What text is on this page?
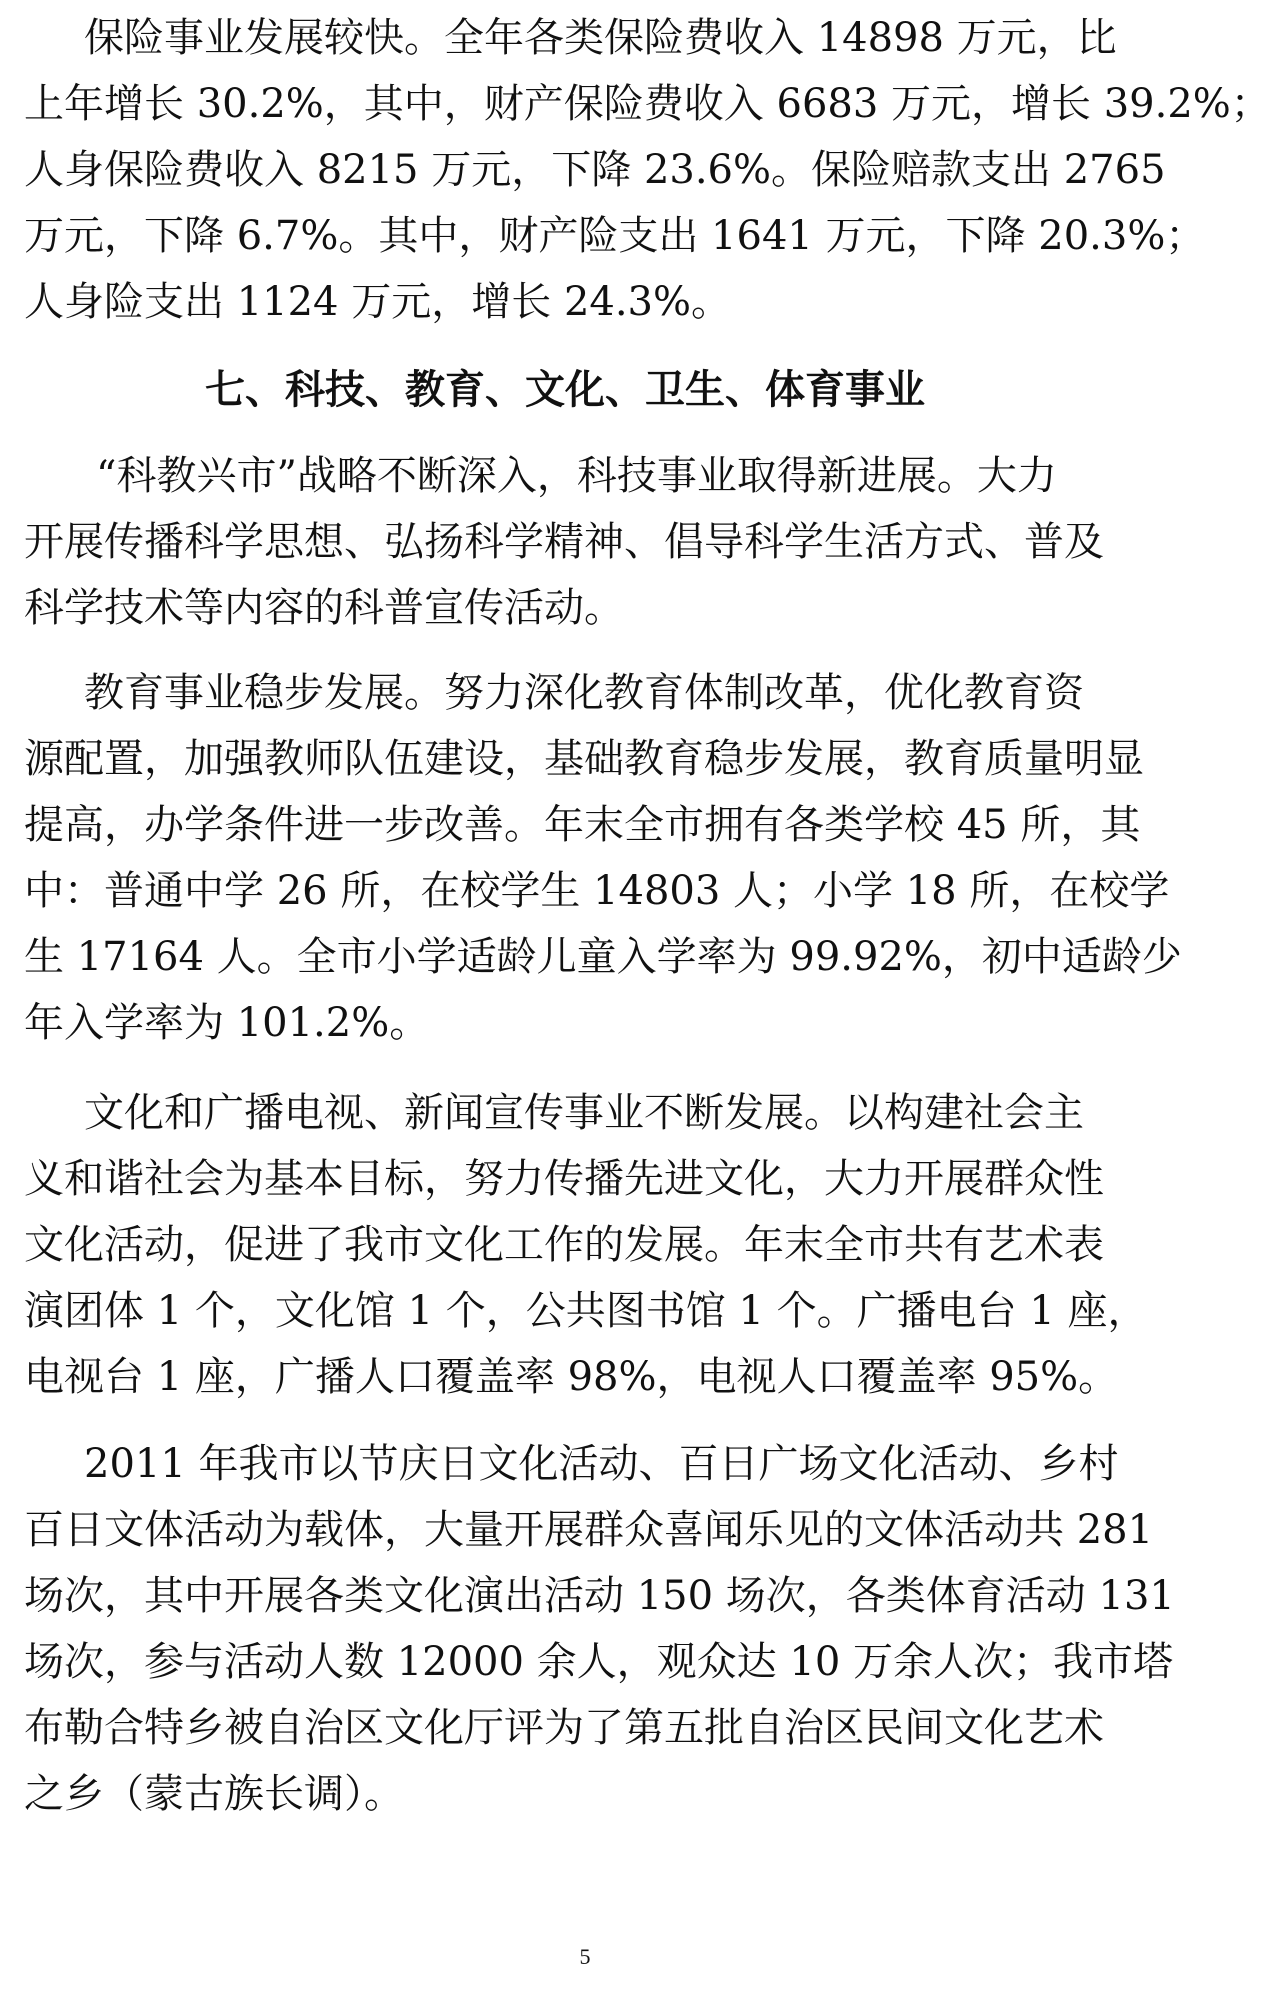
保险事业发展较快。全年各类保险费收入 14898 万元，比
上年增长 30.2%，其中，财产保险费收入 6683 万元，增长 39.2%；
人身保险费收入 8215 万元，下降 23.6%。保险赔款支出 2765
万元，下降 6.7%。其中，财产险支出 1641 万元，下降 20.3%；
人身险支出 1124 万元，增长 24.3%。
七、科技、教育、文化、卫生、体育事业
“科教兴市”战略不断深入，科技事业取得新进展。大力
开展传播科学思想、弘扬科学精神、倡导科学生活方式、普及
科学技术等内容的科普宣传活动。
教育事业稳步发展。努力深化教育体制改革，优化教育资
源配置，加强教师队伍建设，基础教育稳步发展，教育质量明显
提高，办学条件进一步改善。年末全市拥有各类学校 45 所，其
中：普通中学 26 所，在校学生 14803 人；小学 18 所，在校学
生 17164 人。全市小学适龄儿童入学率为 99.92%，初中适龄少
年入学率为 101.2%。
文化和广播电视、新闻宣传事业不断发展。以构建社会主
义和谐社会为基本目标，努力传播先进文化，大力开展群众性
文化活动，促进了我市文化工作的发展。年末全市共有艺术表
演团体 1 个，文化馆 1 个，公共图书馆 1 个。广播电台 1 座，
电视台 1 座，广播人口覆盖率 98%，电视人口覆盖率 95%。
2011 年我市以节庆日文化活动、百日广场文化活动、乡村
百日文体活动为载体，大量开展群众喜闻乐见的文体活动共 281
场次，其中开展各类文化演出活动 150 场次，各类体育活动 131
场次，参与活动人数 12000 余人，观众达 10 万余人次；我市塔
布勒合特乡被自治区文化厅评为了第五批自治区民间文化艺术
之乡（蒙古族长调）。
5
